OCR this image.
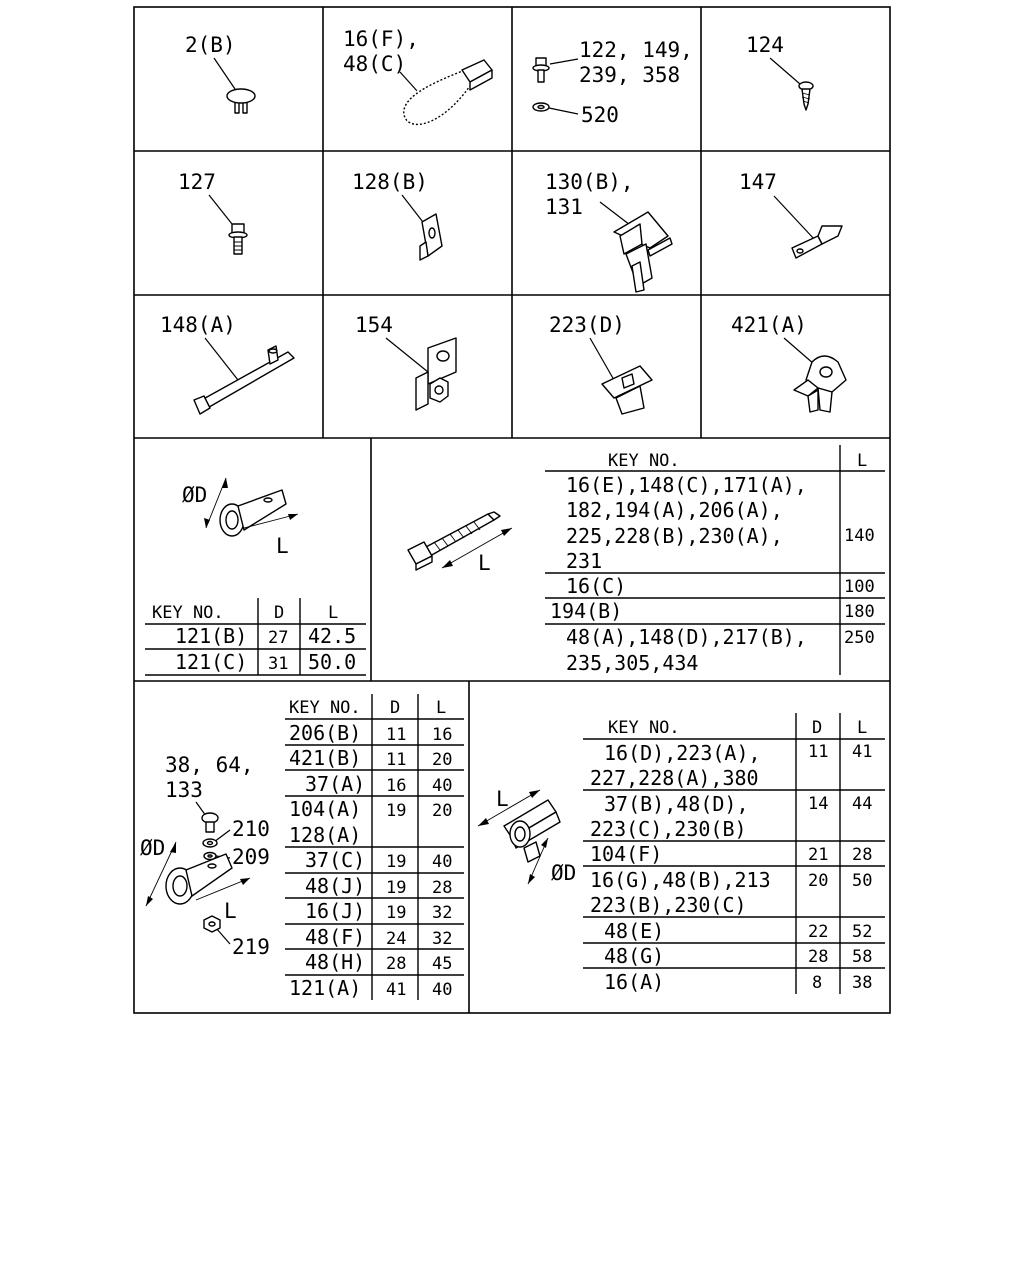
2(B)	16(F),
48(C)
122, 149,
239, 358
520
124
127	128(B)	130(B),
131
147
148(A)	154	223(D)	421(A)
ØD
L
KEY NO.	D	L
121(B) 27 42.5
121(C) 31 50.0
L
KEY NO.	L
16(E),148(C),171(A),
182,194(A),206(A),
225,228(B),230(A),
231
140
16(C)	100
194(B)	180
48(A),148(D),217(B),
235,305,434
250
38, 64,
133
210
209
219
ØD
L
KEY NO. D L
206(B) 11 16
421(B) 11 20
37(A) 16 40
104(A)
128(A)
19 20
37(C) 19 40
48(J) 19 28
16(J) 19 32
48(F) 24 32
48(H) 28 45
121(A) 41 40
L
ØD
KEY NO.	D L
16(D),223(A),
227,228(A),380
11 41
37(B),48(D),
223(C),230(B)
14 44
104(F)	21 28
16(G),48(B),213
223(B),230(C)
20 50
48(E)	22 52
48(G)	28 58
16(A)	8 38
